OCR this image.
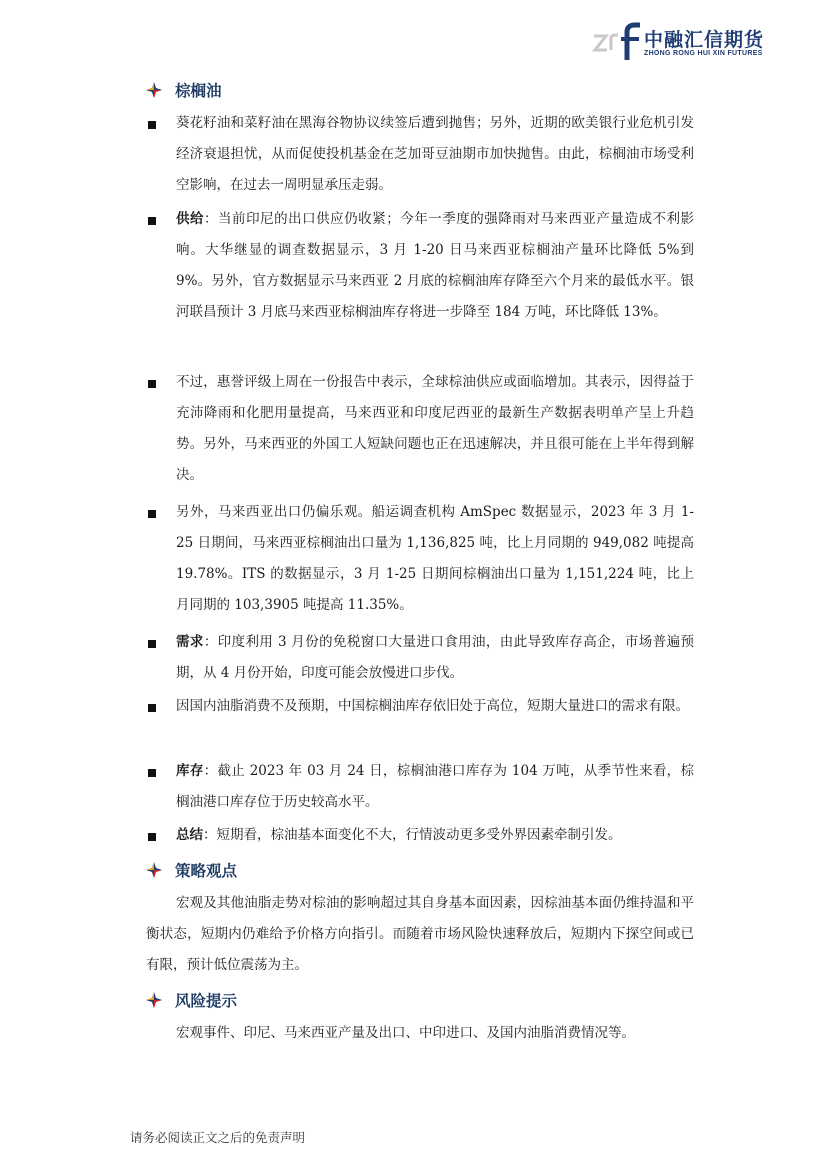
中融汇信期货
ZHONG RONG HUI XIN FUTURES
棕榈油
葵花籽油和菜籽油在黑海谷物协议续签后遭到抛售；另外，近期的欧美银行业危机引发经济衰退担忧，从而促使投机基金在芝加哥豆油期市加快抛售。由此，棕榈油市场受利空影响，在过去一周明显承压走弱。
供给：当前印尼的出口供应仍收紧；今年一季度的强降雨对马来西亚产量造成不利影响。大华继显的调查数据显示，3 月 1-20 日马来西亚棕榈油产量环比降低 5%到 9%。另外，官方数据显示马来西亚 2 月底的棕榈油库存降至六个月来的最低水平。银河联昌预计 3 月底马来西亚棕榈油库存将进一步降至 184 万吨，环比降低 13%。
不过，惠誉评级上周在一份报告中表示，全球棕油供应或面临增加。其表示，因得益于充沛降雨和化肥用量提高，马来西亚和印度尼西亚的最新生产数据表明单产呈上升趋势。另外，马来西亚的外国工人短缺问题也正在迅速解决，并且很可能在上半年得到解决。
另外，马来西亚出口仍偏乐观。船运调查机构 AmSpec 数据显示，2023 年 3 月 1-25 日期间，马来西亚棕榈油出口量为 1,136,825 吨，比上月同期的 949,082 吨提高 19.78%。ITS 的数据显示，3 月 1-25 日期间棕榈油出口量为 1,151,224 吨，比上月同期的 103,3905 吨提高 11.35%。
需求：印度利用 3 月份的免税窗口大量进口食用油，由此导致库存高企，市场普遍预期，从 4 月份开始，印度可能会放慢进口步伐。
因国内油脂消费不及预期，中国棕榈油库存依旧处于高位，短期大量进口的需求有限。
库存：截止 2023 年 03 月 24 日，棕榈油港口库存为 104 万吨，从季节性来看，棕榈油港口库存位于历史较高水平。
总结：短期看，棕油基本面变化不大，行情波动更多受外界因素牵制引发。
策略观点
宏观及其他油脂走势对棕油的影响超过其自身基本面因素，因棕油基本面仍维持温和平衡状态，短期内仍难给予价格方向指引。而随着市场风险快速释放后，短期内下探空间或已有限，预计低位震荡为主。
风险提示
宏观事件、印尼、马来西亚产量及出口、中印进口、及国内油脂消费情况等。
请务必阅读正文之后的免责声明
